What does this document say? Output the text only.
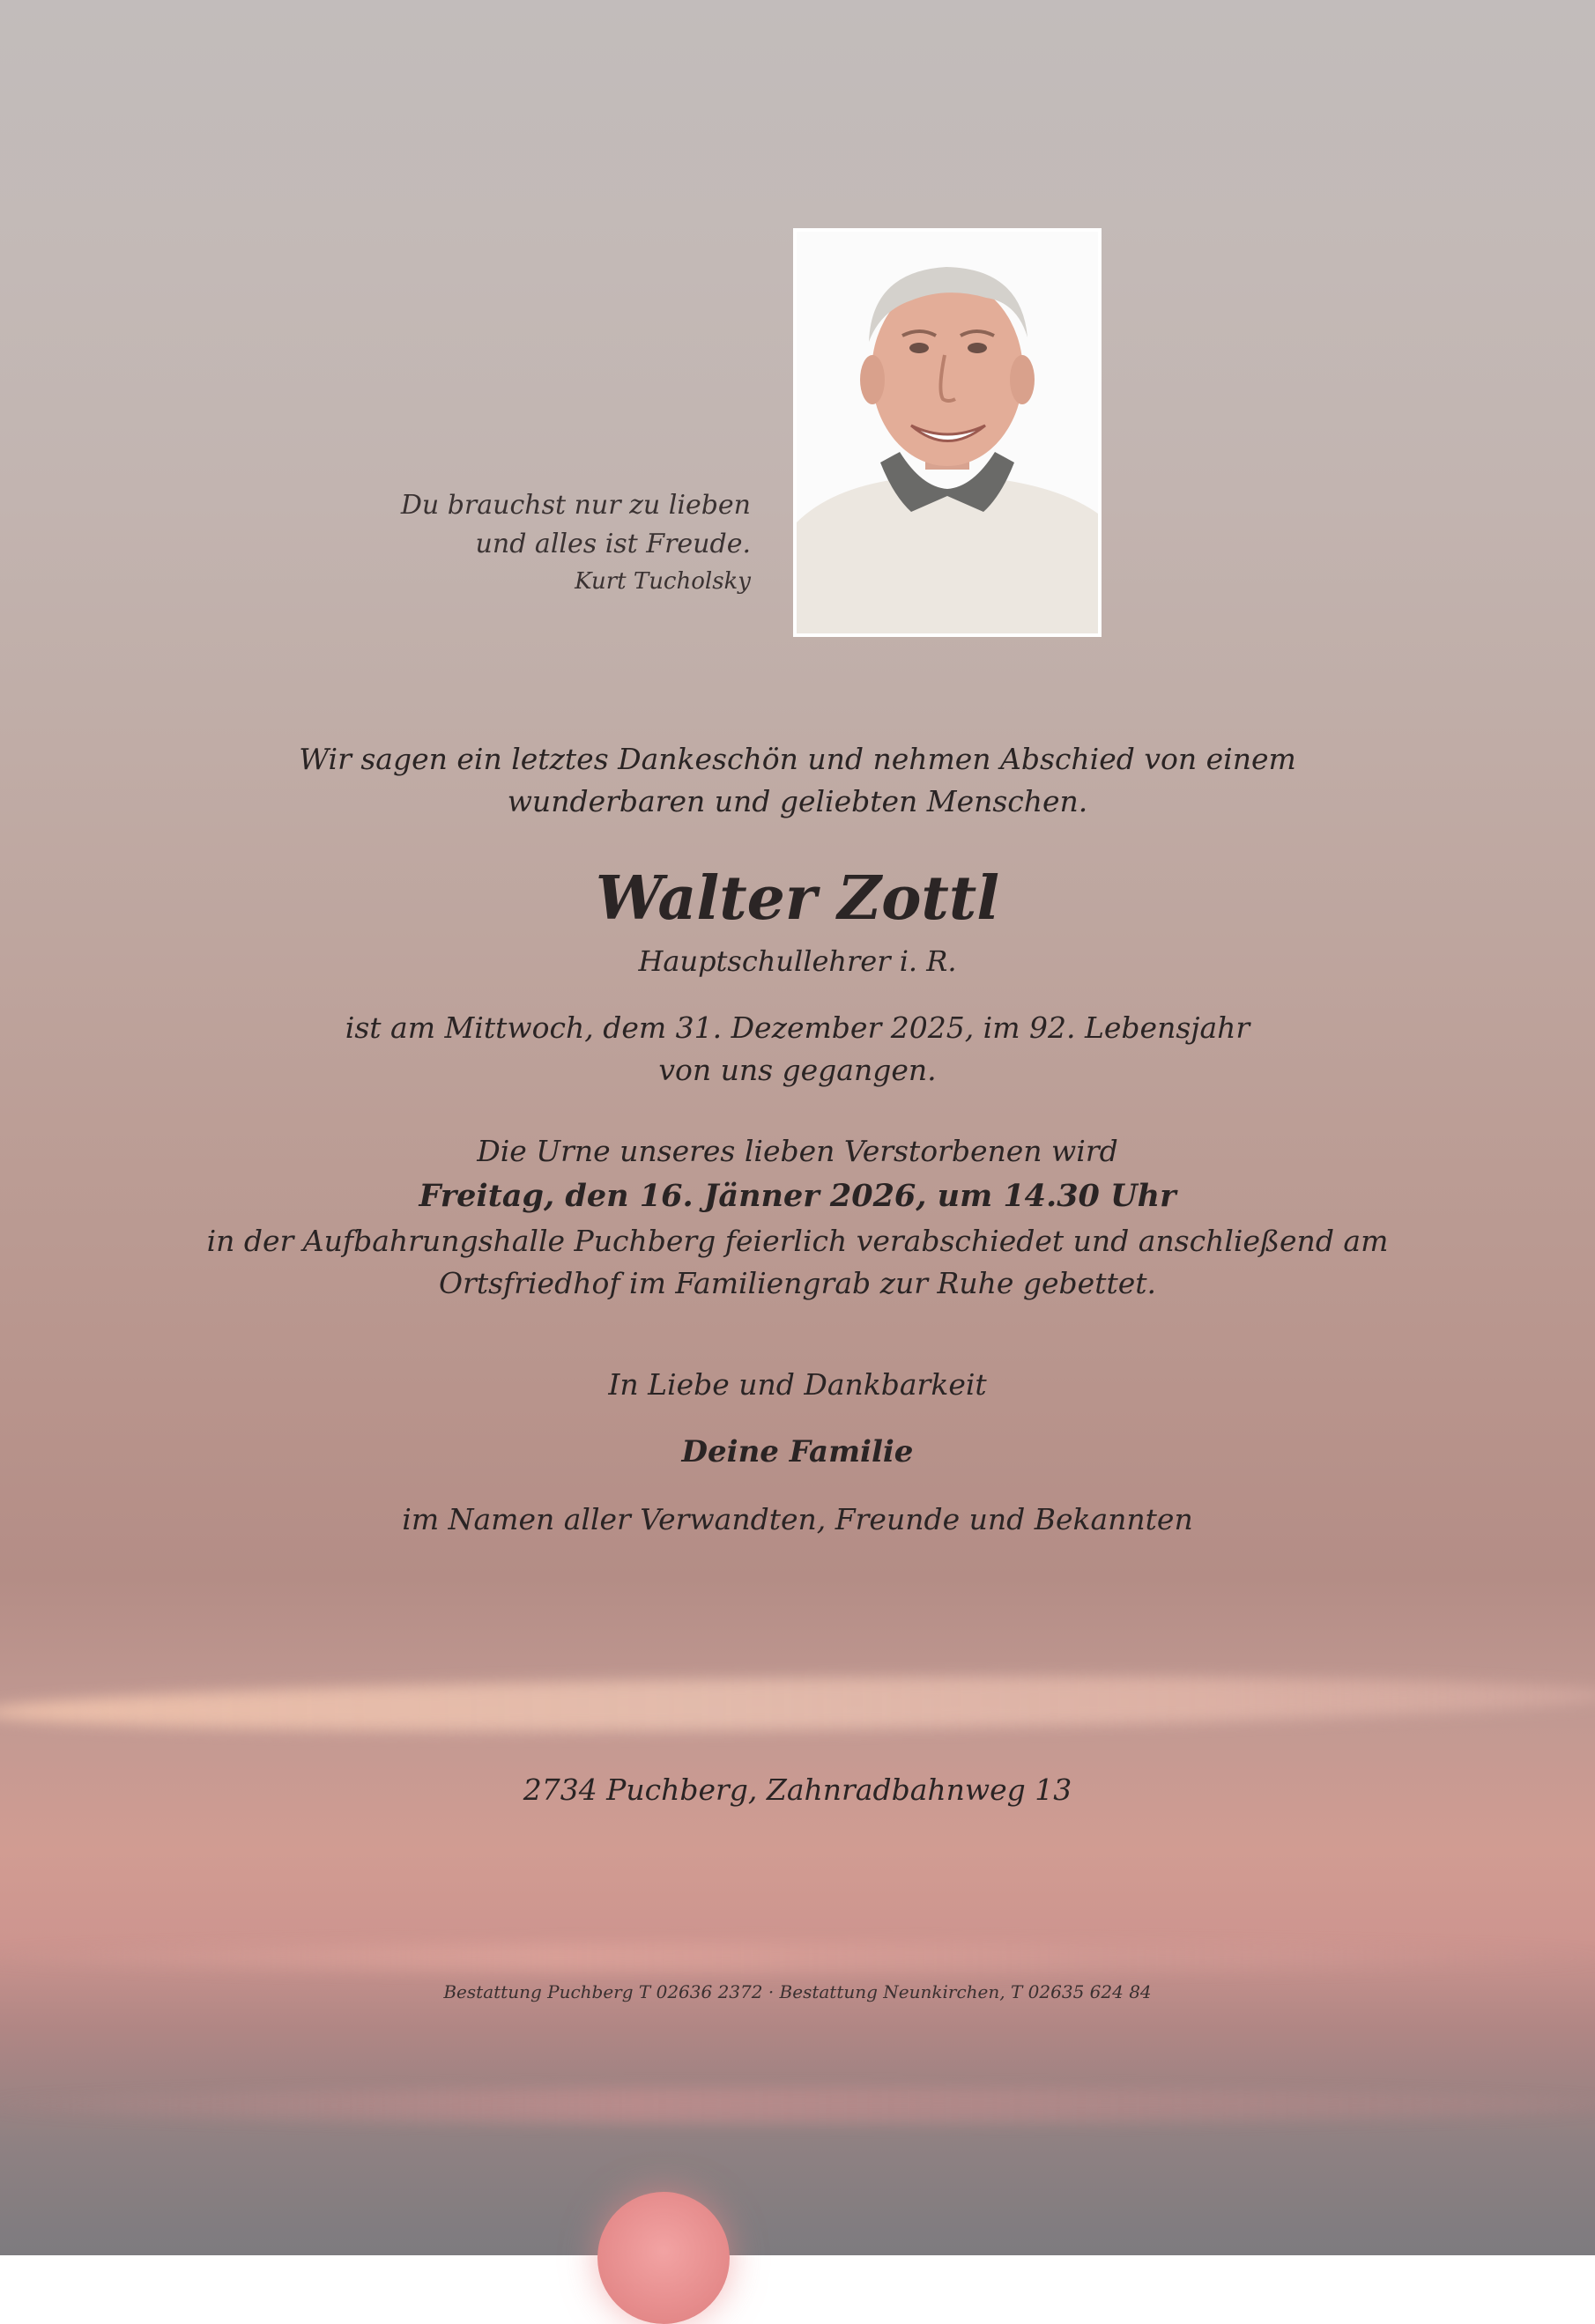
Du brauchst nur zu lieben
und alles ist Freude.
Kurt Tucholsky
Wir sagen ein letztes Dankeschön und nehmen Abschied von einem
wunderbaren und geliebten Menschen.
Walter Zottl
Hauptschullehrer i. R.
ist am Mittwoch, dem 31. Dezember 2025, im 92. Lebensjahr
von uns gegangen.
Die Urne unseres lieben Verstorbenen wird
Freitag, den 16. Jänner 2026, um 14.30 Uhr
in der Aufbahrungshalle Puchberg feierlich verabschiedet und anschließend am
Ortsfriedhof im Familiengrab zur Ruhe gebettet.
In Liebe und Dankbarkeit
Deine Familie
im Namen aller Verwandten, Freunde und Bekannten
2734 Puchberg, Zahnradbahnweg 13
Bestattung Puchberg T 02636 2372 · Bestattung Neunkirchen, T 02635 624 84
